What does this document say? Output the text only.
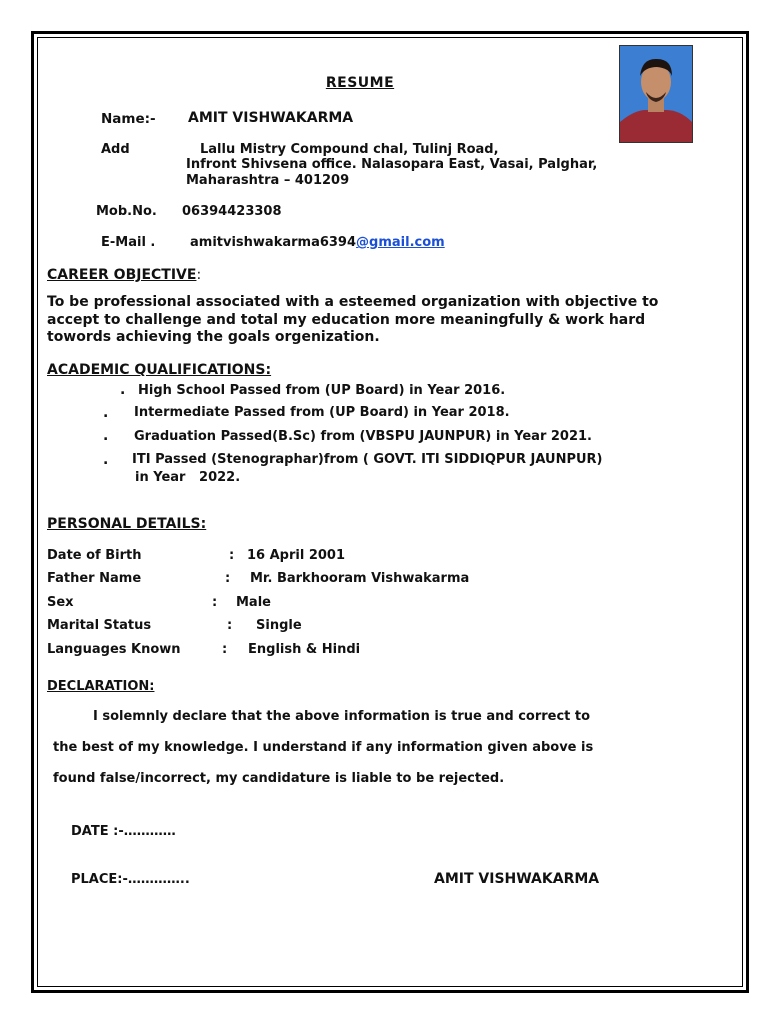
RESUME
Name:- AMIT VISHWAKARMA
Add	Lallu Mistry Compound chal, Tulinj Road,
Infront Shivsena office. Nalasopara East, Vasai, Palghar,
Maharashtra – 401209
Mob.No. 06394423308
E-Mail .	amitvishwakarma6394@gmail.com
CAREER OBJECTIVE:
To be professional associated with a esteemed organization with objective to
accept to challenge and total my education more meaningfully & work hard
towords achieving the goals orgenization.
ACADEMIC QUALIFICATIONS:
. High School Passed from (UP Board) in Year 2016.
. Intermediate Passed from (UP Board) in Year 2018.
. Graduation Passed(B.Sc) from (VBSPU JAUNPUR) in Year 2021.
. ITI Passed (Stenographar)from ( GOVT. ITI SIDDIQPUR JAUNPUR)
in Year   2022.
PERSONAL DETAILS:
Date of Birth	: 16 April 2001
Father Name	: Mr. Barkhooram Vishwakarma
Sex	: Male
Marital Status	: Single
Languages Known	: English & Hindi
DECLARATION:
I solemnly declare that the above information is true and correct to
the best of my knowledge. I understand if any information given above is
found false/incorrect, my candidature is liable to be rejected.
DATE :-…………
PLACE:-…………..	AMIT VISHWAKARMA
